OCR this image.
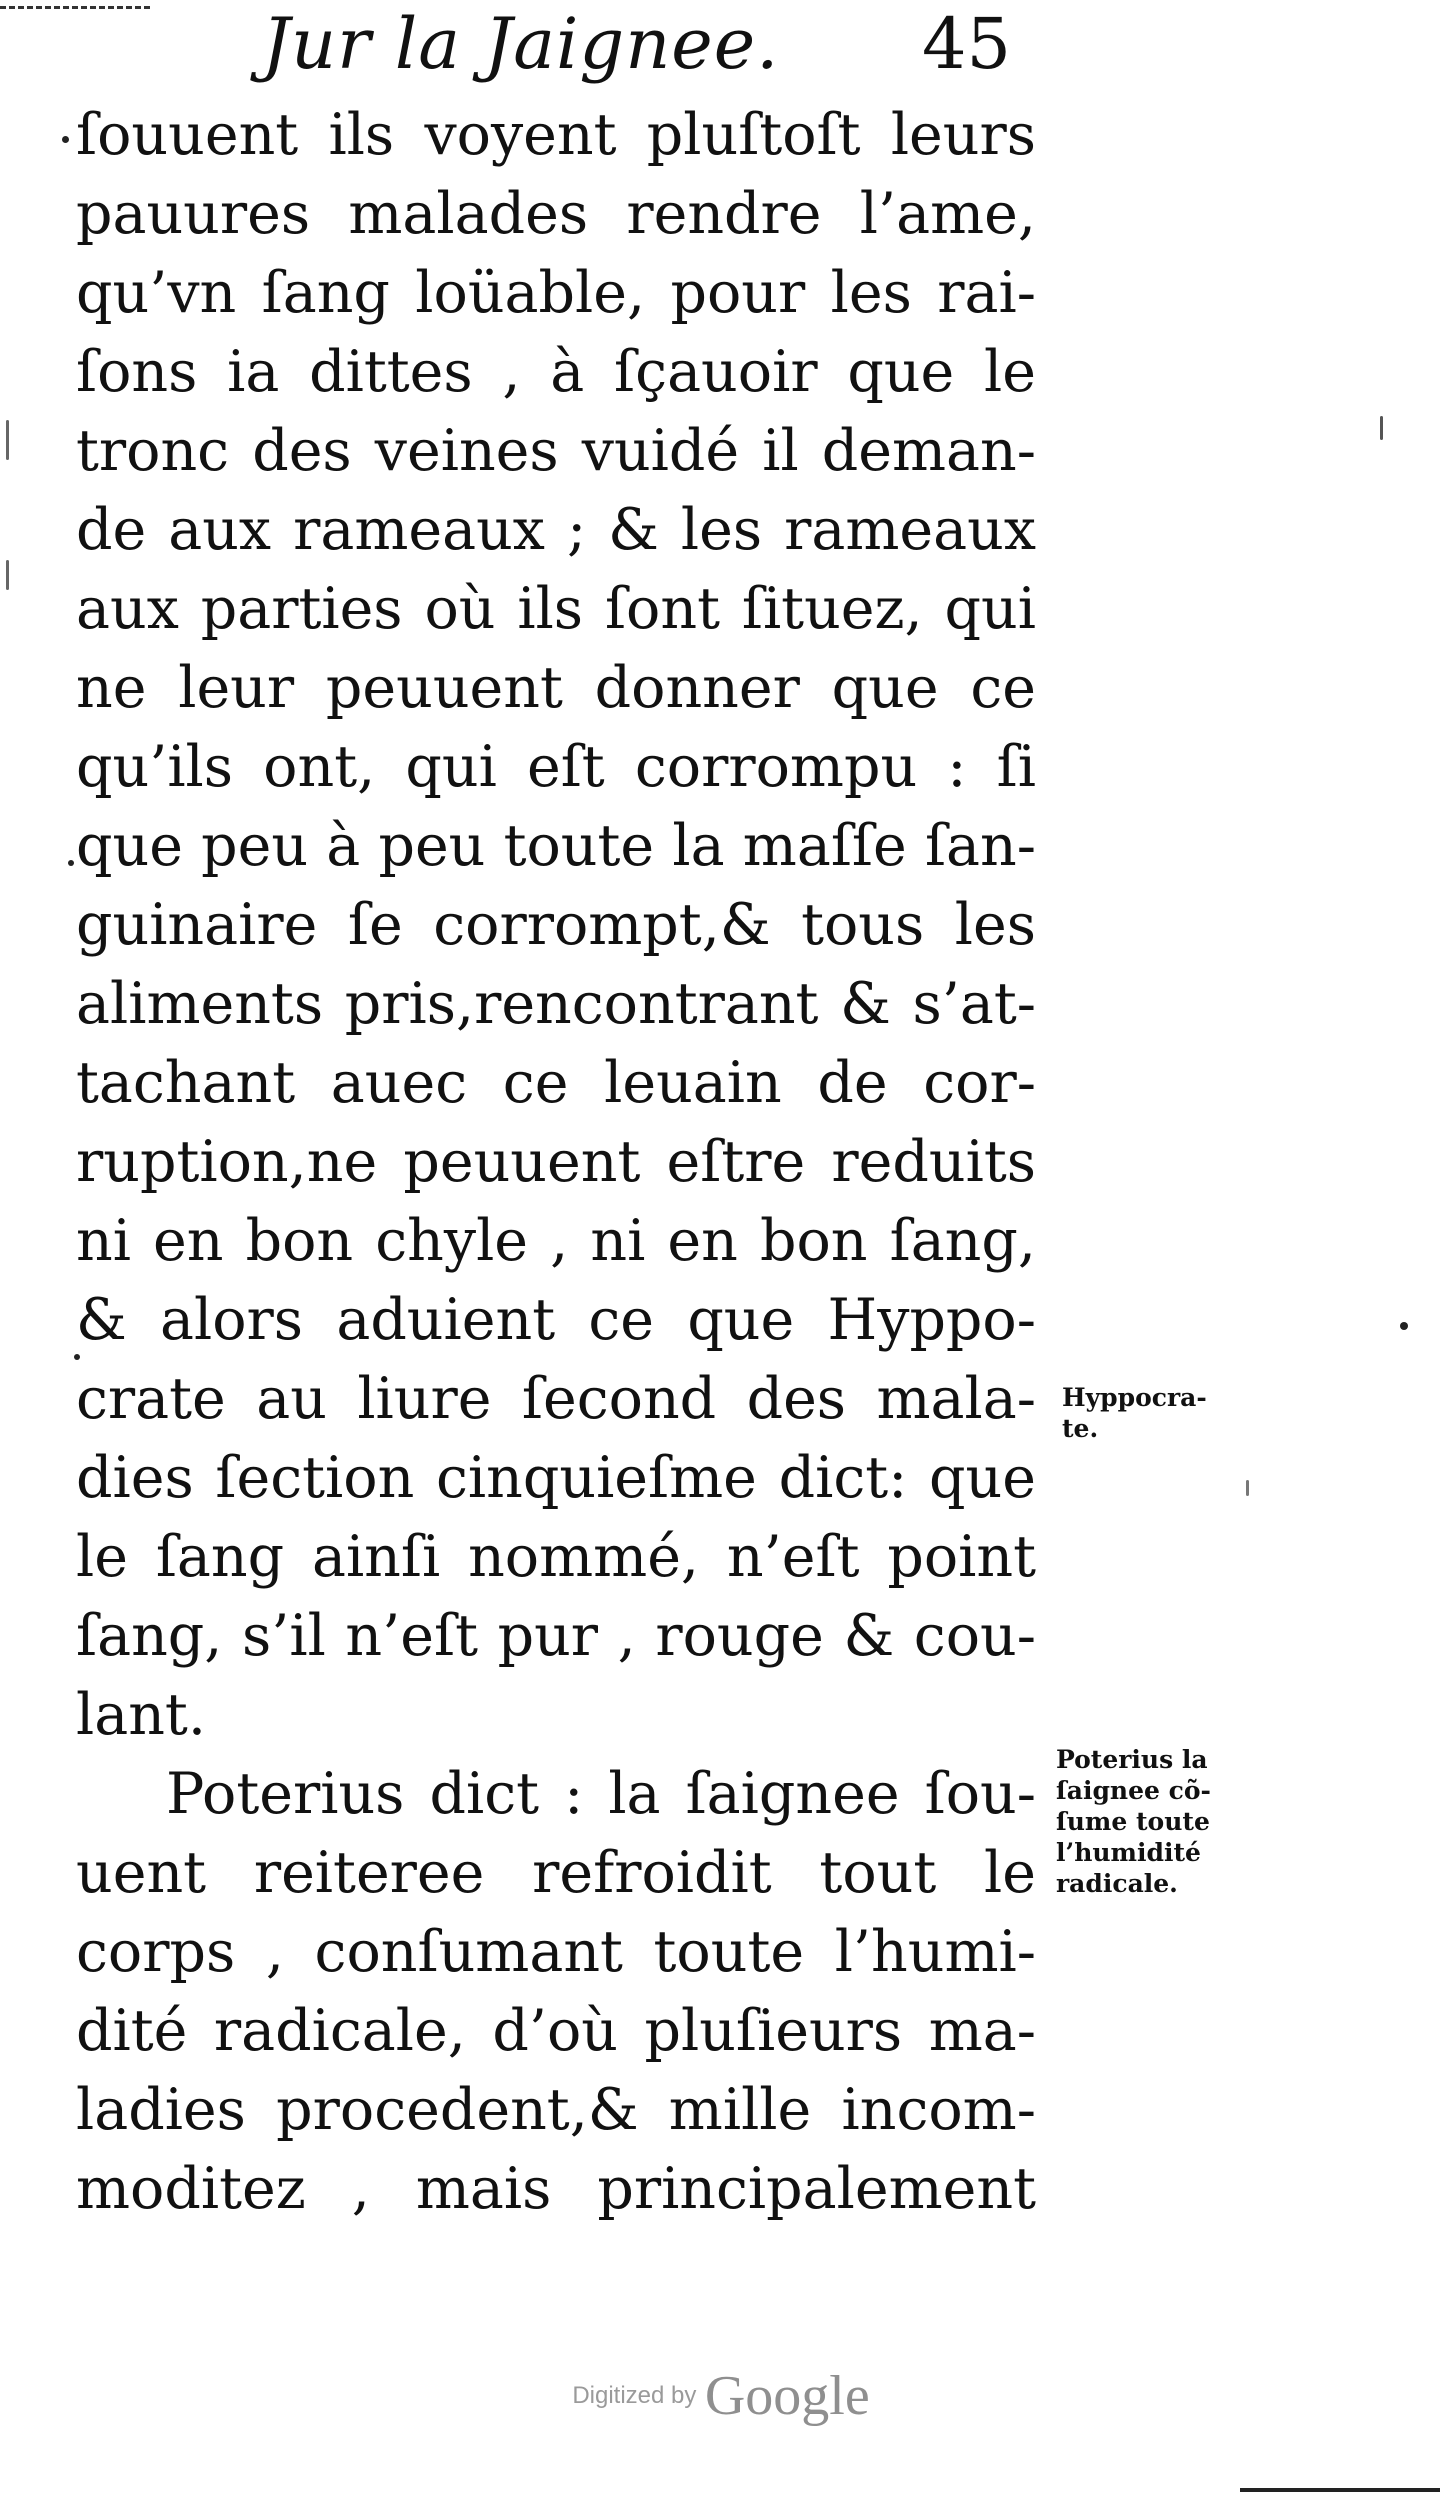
Jur la Jaignee. 45
ſouuent ils voyent pluſtoſt leurs
pauures malades rendre l’ame,
qu’vn ſang loüable, pour les rai-
ſons ia dittes , à ſçauoir que le
tronc des veines vuidé il deman-
de aux rameaux ; & les rameaux
aux parties où ils ſont ſituez, qui
ne leur peuuent donner que ce
qu’ils ont, qui eſt corrompu : ſi
que peu à peu toute la maſſe ſan-
guinaire ſe corrompt,& tous les
aliments pris,rencontrant & s’at-
tachant auec ce leuain de cor-
ruption,ne peuuent eſtre reduits
ni en bon chyle , ni en bon ſang,
& alors aduient ce que Hyppo-
crate au liure ſecond des mala-
dies ſection cinquieſme dict: que
le ſang ainſi nommé, n’eſt point
ſang, s’il n’eſt pur , rouge & cou-
lant.
Poterius dict : la ſaignee ſou-
uent reiteree refroidit tout le
corps , conſumant toute l’humi-
dité radicale, d’où pluſieurs ma-
ladies procedent,& mille incom-
moditez , mais principalement
Hyppocra-
te.
Poterius la
ſaignee cõ-
ſume toute
l’humidité
radicale.
Digitized by Google
